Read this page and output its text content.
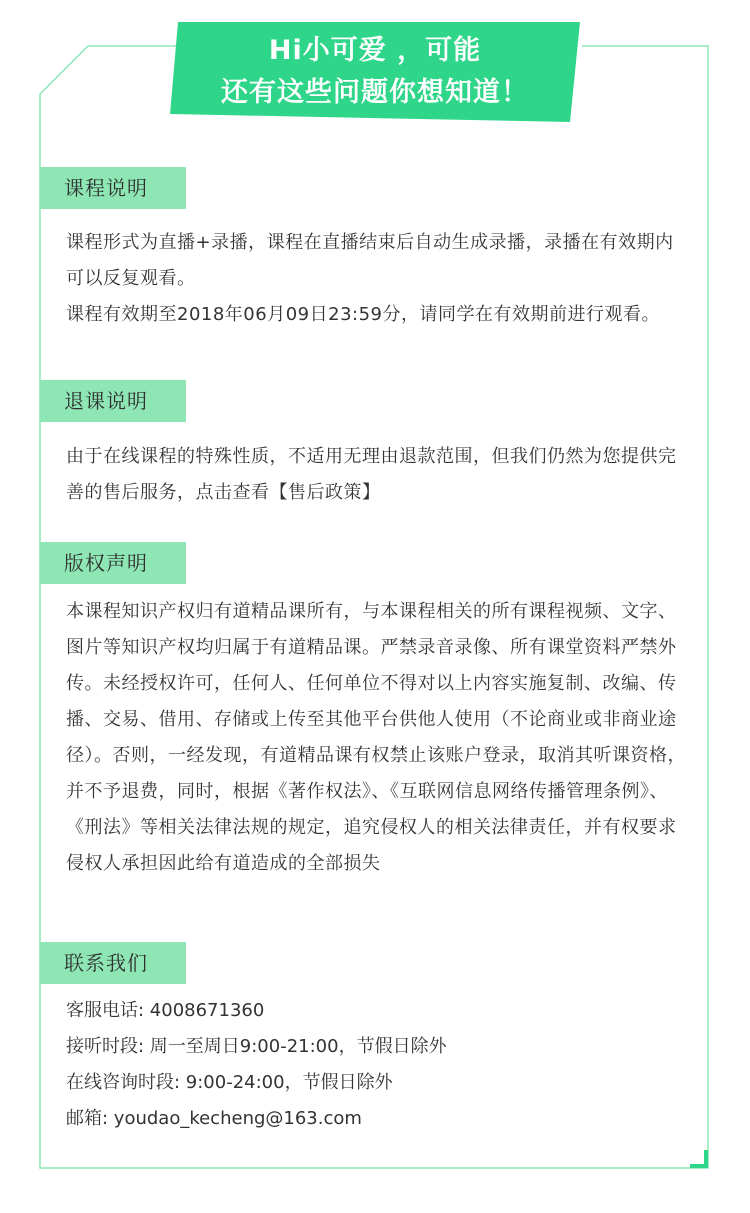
Hi小可爱 ，可能
还有这些问题你想知道！
课程说明
课程形式为直播+录播，课程在直播结束后自动生成录播，录播在有效期内可以反复观看。
课程有效期至2018年06月09日23:59分，请同学在有效期前进行观看。
退课说明
由于在线课程的特殊性质，不适用无理由退款范围，但我们仍然为您提供完善的售后服务，点击查看【售后政策】
版权声明
本课程知识产权归有道精品课所有，与本课程相关的所有课程视频、文字、图片等知识产权均归属于有道精品课。严禁录音录像、所有课堂资料严禁外传。未经授权许可，任何人、任何单位不得对以上内容实施复制、改编、传播、交易、借用、存储或上传至其他平台供他人使用（不论商业或非商业途径）。否则，一经发现，有道精品课有权禁止该账户登录，取消其听课资格，并不予退费，同时，根据《著作权法》、《互联网信息网络传播管理条例》、《刑法》等相关法律法规的规定，追究侵权人的相关法律责任，并有权要求侵权人承担因此给有道造成的全部损失
联系我们
客服电话: 4008671360
接听时段: 周一至周日9:00-21:00，节假日除外
在线咨询时段: 9:00-24:00，节假日除外
邮箱: youdao_kecheng@163.com
